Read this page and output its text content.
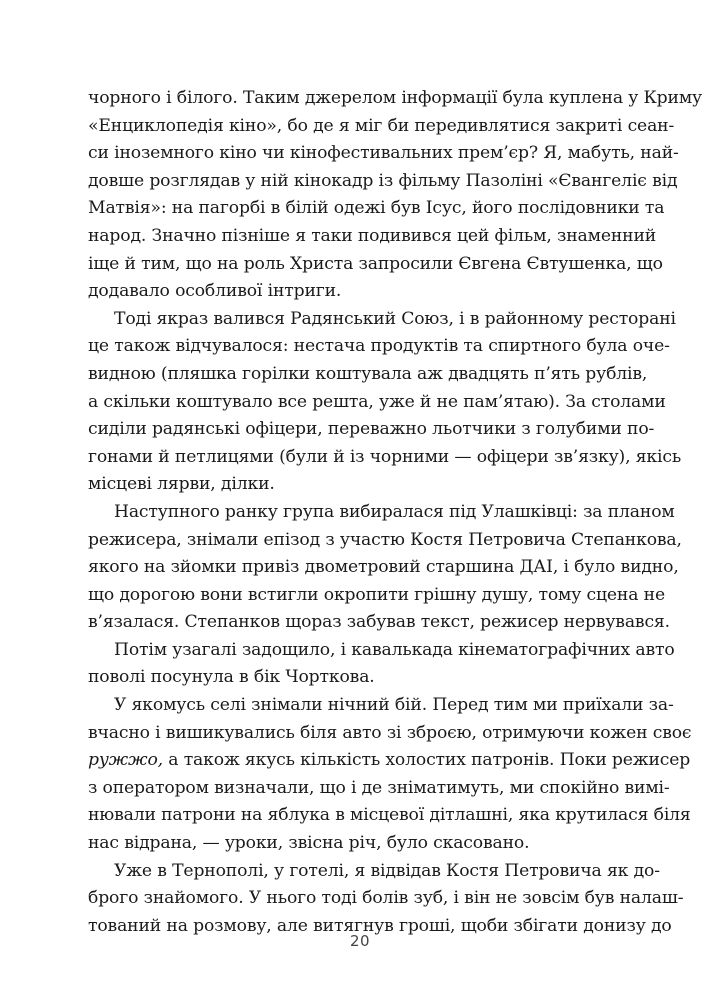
чорного і білого. Таким джерелом інформації була куплена у Криму
«Енциклопедія кіно», бо де я міг би передивлятися закриті сеан-
си іноземного кіно чи кінофестивальних прем’єр? Я, мабуть, най-
довше розглядав у ній кінокадр із фільму Пазоліні «Євангеліє від
Матвія»: на пагорбі в білій одежі був Ісус, його послідовники та
народ. Значно пізніше я таки подивився цей фільм, знаменний
іще й тим, що на роль Христа запросили Євгена Євтушенка, що
додавало особливої інтриги.
Тоді якраз валився Радянський Союз, і в районному ресторані
це також відчувалося: нестача продуктів та спиртного була оче-
видною (пляшка горілки коштувала аж двадцять п’ять рублів,
а скільки коштувало все решта, уже й не пам’ятаю). За столами
сиділи радянські офіцери, переважно льотчики з голубими по-
гонами й петлицями (були й із чорними — офіцери зв’язку), якісь
місцеві лярви, ділки.
Наступного ранку група вибиралася під Улашківці: за планом
режисера, знімали епізод з участю Костя Петровича Степанкова,
якого на зйомки привіз двометровий старшина ДАІ, і було видно,
що дорогою вони встигли окропити грішну душу, тому сцена не
в’язалася. Степанков щораз забував текст, режисер нервувався.
Потім узагалі задощило, і кавалькада кінематографічних авто
поволі посунула в бік Чорткова.
У якомусь селі знімали нічний бій. Перед тим ми приїхали за-
вчасно і вишикувались біля авто зі зброєю, отримуючи кожен своє
ружжо, а також якусь кількість холостих патронів. Поки режисер
з оператором визначали, що і де зніматимуть, ми спокійно вимі-
нювали патрони на яблука в місцевої дітлашні, яка крутилася біля
нас відрана, — уроки, звісна річ, було скасовано.
Уже в Тернополі, у готелі, я відвідав Костя Петровича як до-
брого знайомого. У нього тоді болів зуб, і він не зовсім був налаш-
тований на розмову, але витягнув гроші, щоби збігати донизу до
20
